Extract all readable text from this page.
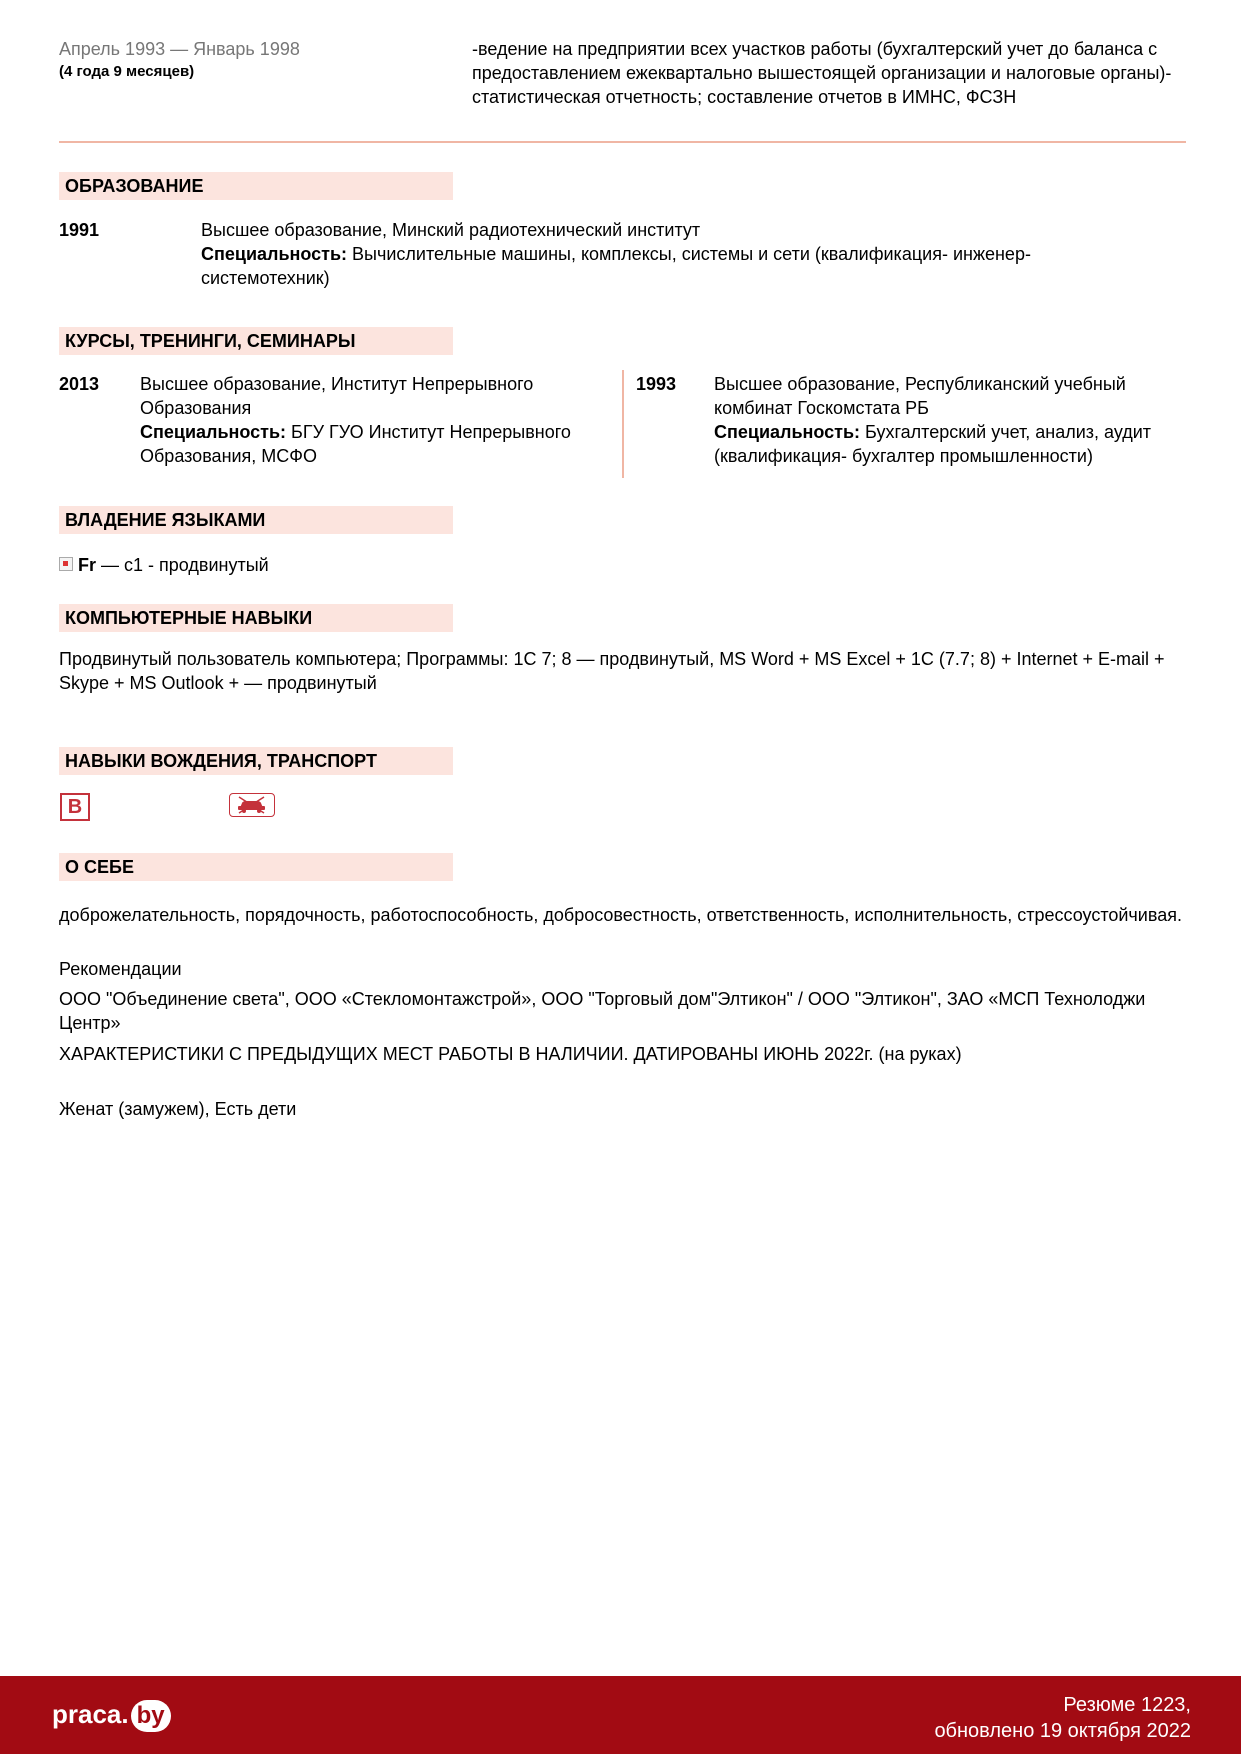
Апрель 1993 — Январь 1998
(4 года 9 месяцев)
-ведение на предприятии всех участков работы (бухгалтерский учет до баланса с предоставлением ежеквартально вышестоящей организации и налоговые органы)-статистическая отчетность; составление отчетов в ИМНС, ФСЗН
ОБРАЗОВАНИЕ
1991	Высшее образование, Минский радиотехнический институт
Специальность: Вычислительные машины, комплексы, системы и сети (квалификация- инженер-системотехник)
КУРСЫ, ТРЕНИНГИ, СЕМИНАРЫ
2013 Высшее образование, Институт Непрерывного Образования
Специальность: БГУ ГУО Институт Непрерывного Образования, МСФО
1993 Высшее образование, Республиканский учебный комбинат Госкомстата РБ
Специальность: Бухгалтерский учет, анализ, аудит (квалификация- бухгалтер промышленности)
ВЛАДЕНИЕ ЯЗЫКАМИ
Fr — c1 - продвинутый
КОМПЬЮТЕРНЫЕ НАВЫКИ
Продвинутый пользователь компьютера; Программы: 1С 7; 8 — продвинутый, MS Word + MS Excel + 1С (7.7; 8) + Internet + E-mail + Skype + MS Outlook + — продвинутый
НАВЫКИ ВОЖДЕНИЯ, ТРАНСПОРТ
B
О СЕБЕ
доброжелательность, порядочность, работоспособность, добросовестность, ответственность, исполнительность, стрессоустойчивая.
Рекомендации
ООО "Объединение света", ООО «Стекломонтажстрой», ООО "Торговый дом"Элтикон" / ООО "Элтикон", ЗАО «МСП Технолоджи Центр»
ХАРАКТЕРИСТИКИ С ПРЕДЫДУЩИХ МЕСТ РАБОТЫ В НАЛИЧИИ. ДАТИРОВАНЫ ИЮНЬ 2022г. (на руках)
Женат (замужем), Есть дети
praca. by	Резюме 1223,
обновлено 19 октября 2022
